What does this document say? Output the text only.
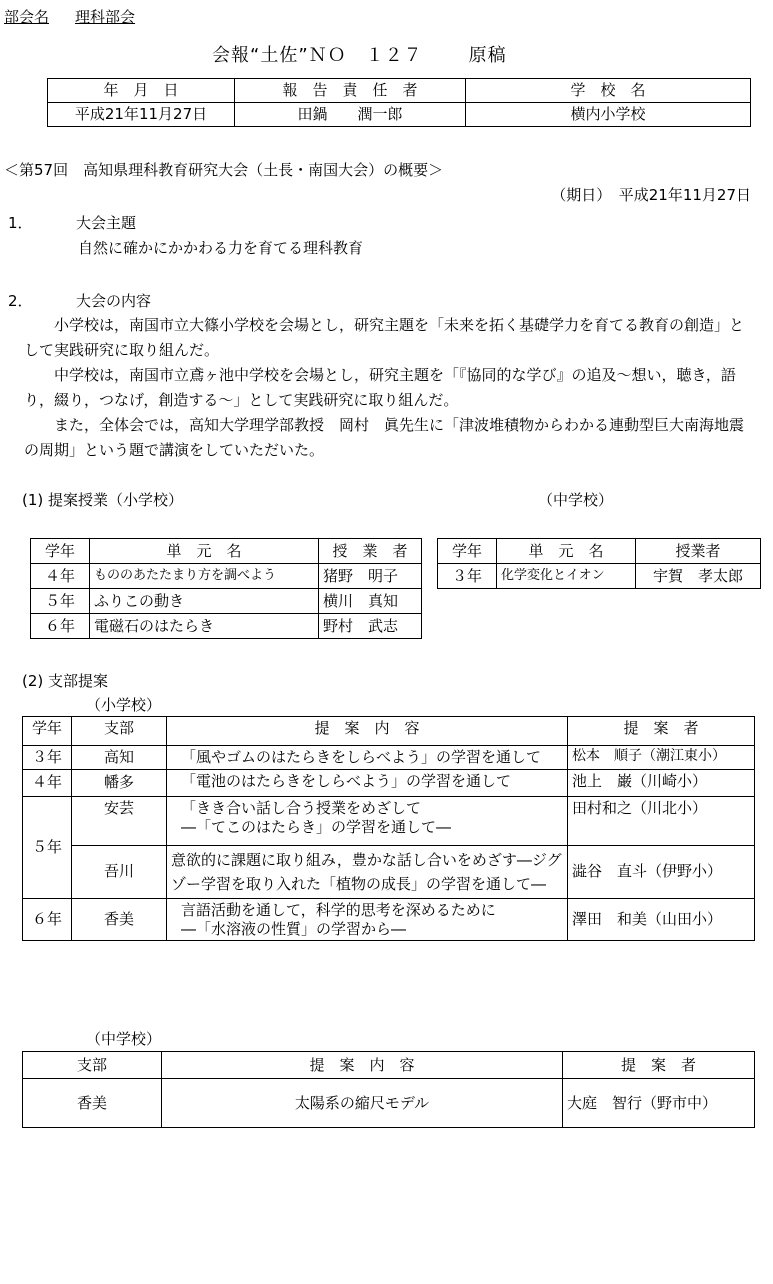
部会名 理科部会
会報“土佐”ＮＯ　１２７	原稿
年　月　日	報　告　責　任　者	学　校　名
平成21年11月27日	田鍋　　潤一郎	横内小学校
＜第57回　高知県理科教育研究大会（土長・南国大会）の概要＞
（期日）　平成21年11月27日
1．	大会主題
自然に確かにかかわる力を育てる理科教育
2．	大会の内容
小学校は，南国市立大篠小学校を会場とし，研究主題を「未来を拓く基礎学力を育てる教育の創造」として実践研究に取り組んだ。
中学校は，南国市立鳶ヶ池中学校を会場とし，研究主題を「『協同的な学び』の追及～想い，聴き，語り，綴り，つなげ，創造する～」として実践研究に取り組んだ。
また，全体会では，高知大学理学部教授　岡村　眞先生に「津波堆積物からわかる連動型巨大南海地震の周期」という題で講演をしていただいた。
(1) 提案授業（小学校）	（中学校）
学年	単　元　名	授　業　者
４年	もののあたたまり方を調べよう	猪野　明子
５年	ふりこの動き	横川　真知
６年	電磁石のはたらき	野村　武志
学年	単　元　名	授業者
３年	化学変化とイオン	宇賀　孝太郎
(2) 支部提案
（小学校）
学年	支部	提　案　内　容	提　案　者
３年	高知	「風やゴムのはたらきをしらべよう」の学習を通して	松本　順子（潮江東小）
４年	幡多	「電池のはたらきをしらべよう」の学習を通して	池上　巌（川崎小）
５年	安芸	「きき合い話し合う授業をめざして
―「てこのはたらき」の学習を通して―	田村和之（川北小）
	吾川	意欲的に課題に取り組み，豊かな話し合いをめざす―ジグゾー学習を取り入れた「植物の成長」の学習を通して―	澁谷　直斗（伊野小）
６年	香美	言語活動を通して，科学的思考を深めるために
―「水溶液の性質」の学習から―	澤田　和美（山田小）
（中学校）
支部	提　案　内　容	提　案　者
香美	太陽系の縮尺モデル	大庭　智行（野市中）
